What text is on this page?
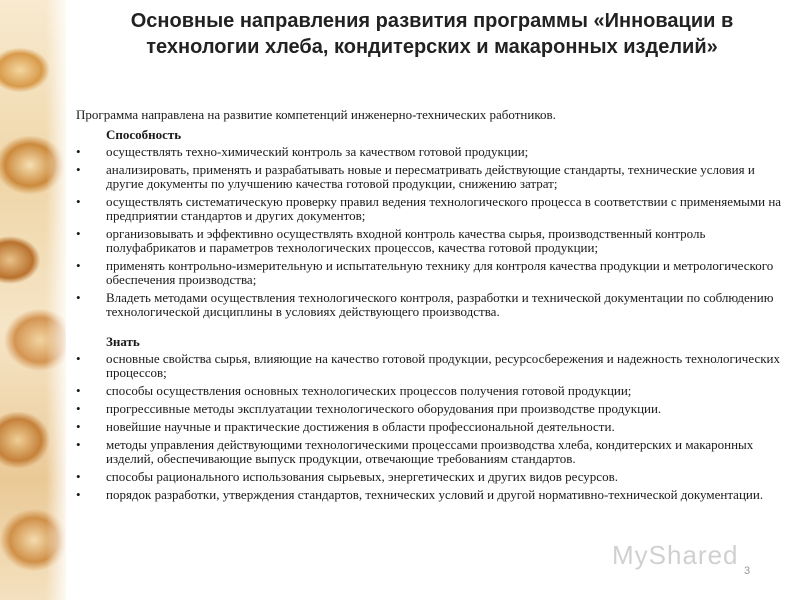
Основные направления развития программы «Инновации в технологии хлеба, кондитерских и макаронных изделий»

Программа направлена на развитие компетенций инженерно-технических работников.

Способность

• осуществлять техно-химический контроль за качеством готовой продукции;
• анализировать, применять и разрабатывать новые и пересматривать действующие стандарты, технические условия и другие документы по улучшению качества готовой продукции, снижению затрат;
• осуществлять систематическую проверку правил ведения технологического процесса в соответствии с применяемыми на предприятии стандартов и других документов;
• организовывать и эффективно осуществлять входной контроль качества сырья, производственный контроль полуфабрикатов и параметров технологических процессов, качества готовой продукции;
• применять контрольно-измерительную и испытательную технику для контроля качества продукции и метрологического обеспечения производства;
• Владеть методами осуществления технологического контроля, разработки и технической документации по соблюдению технологической дисциплины в условиях действующего производства.

Знать

• основные свойства сырья, влияющие на качество готовой продукции, ресурсосбережения и надежность технологических процессов;
• способы осуществления основных технологических процессов получения готовой продукции;
• прогрессивные методы эксплуатации технологического оборудования при производстве продукции.
• новейшие научные и практические достижения в области профессиональной деятельности.
• методы управления действующими технологическими процессами производства хлеба, кондитерских и макаронных изделий, обеспечивающие выпуск продукции, отвечающие требованиям стандартов.
• способы рационального использования сырьевых, энергетических и других видов ресурсов.
• порядок разработки, утверждения стандартов, технических условий и другой нормативно-технической документации.
MyShared
3
